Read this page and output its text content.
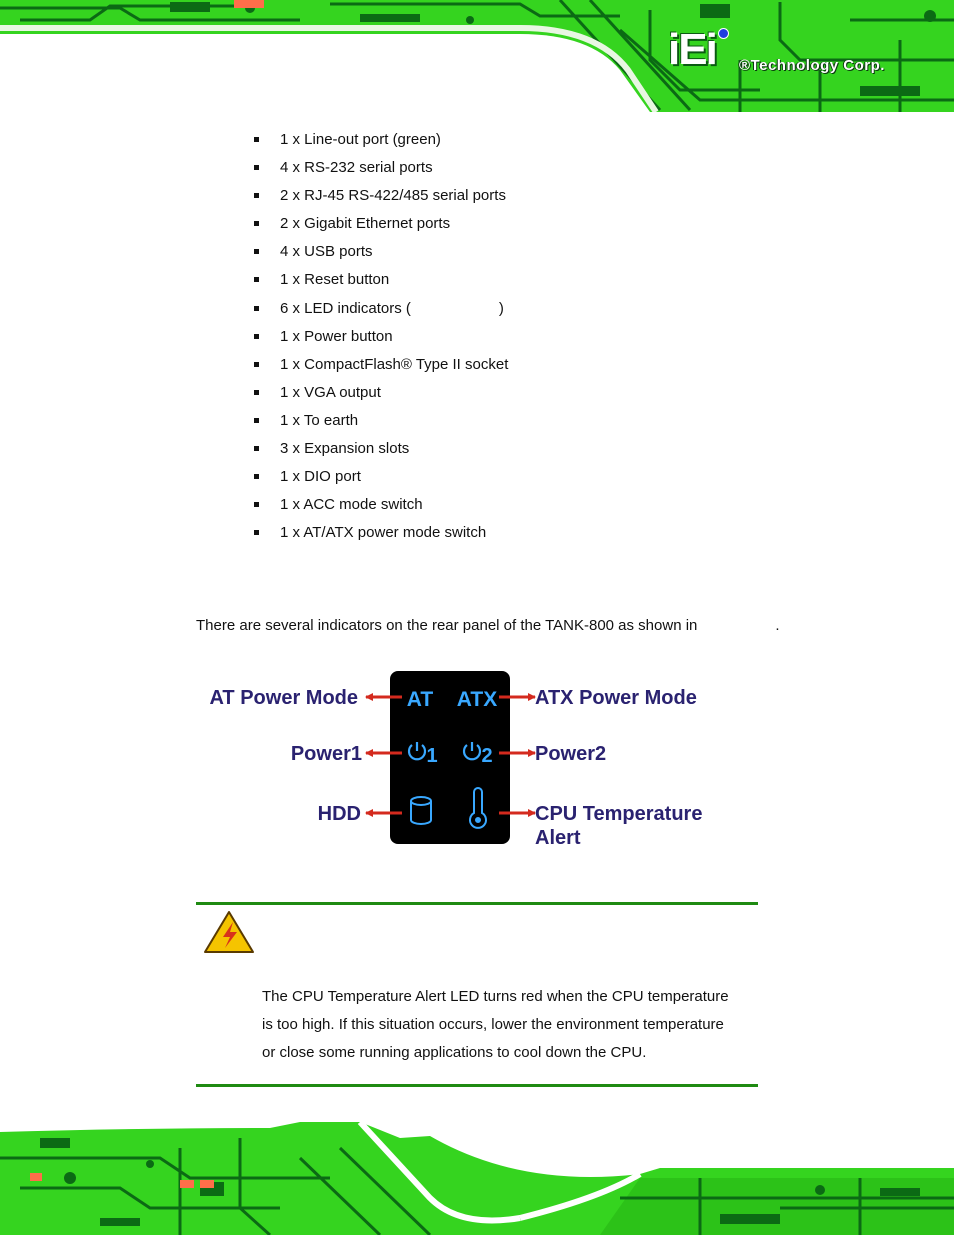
iEi ®Technology Corp.
1 x Line-out port (green)
4 x RS-232 serial ports
2 x RJ-45 RS-422/485 serial ports
2 x Gigabit Ethernet ports
4 x USB ports
1 x Reset button
6 x LED indicators (	)
1 x Power button
1 x CompactFlash® Type II socket
1 x VGA output
1 x To earth
3 x Expansion slots
1 x DIO port
1 x ACC mode switch
1 x AT/ATX power mode switch

There are several indicators on the rear panel of the TANK-800 as shown in	.

AT ATX
1 2
AT Power Mode
Power1
HDD
ATX Power Mode
Power2
CPU Temperature
Alert
The CPU Temperature Alert LED turns red when the CPU temperature
is too high. If this situation occurs, lower the environment temperature
or close some running applications to cool down the CPU.
